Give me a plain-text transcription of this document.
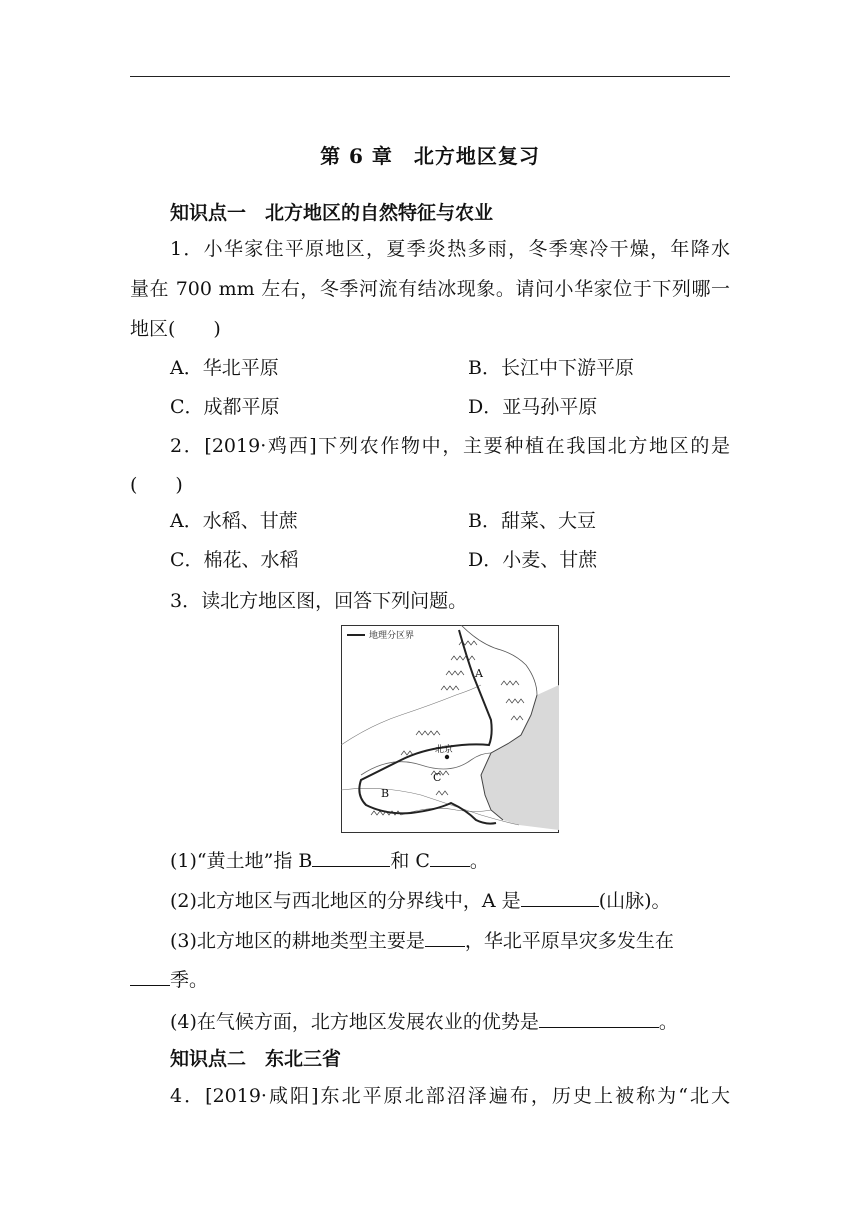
第 6 章　北方地区复习
知识点一　北方地区的自然特征与农业
1．小华家住平原地区，夏季炎热多雨，冬季寒冷干燥，年降水
量在 700 mm 左右，冬季河流有结冰现象。请问小华家位于下列哪一
地区(　　)
A．华北平原	B．长江中下游平原
C．成都平原	D．亚马孙平原
2．[2019·鸡西]下列农作物中，主要种植在我国北方地区的是
(　　)
A．水稻、甘蔗	B．甜菜、大豆
C．棉花、水稻	D．小麦、甘蔗
3．读北方地区图，回答下列问题。
地理分区界
A
B
C
北京
(1)“黄土地”指 B	和 C 。
(2)北方地区与西北地区的分界线中，A 是	(山脉)。
(3)北方地区的耕地类型主要是 ，华北平原旱灾多发生在
季。
(4)在气候方面，北方地区发展农业的优势是	。
知识点二　东北三省
4．[2019·咸阳]东北平原北部沼泽遍布，历史上被称为“北大
